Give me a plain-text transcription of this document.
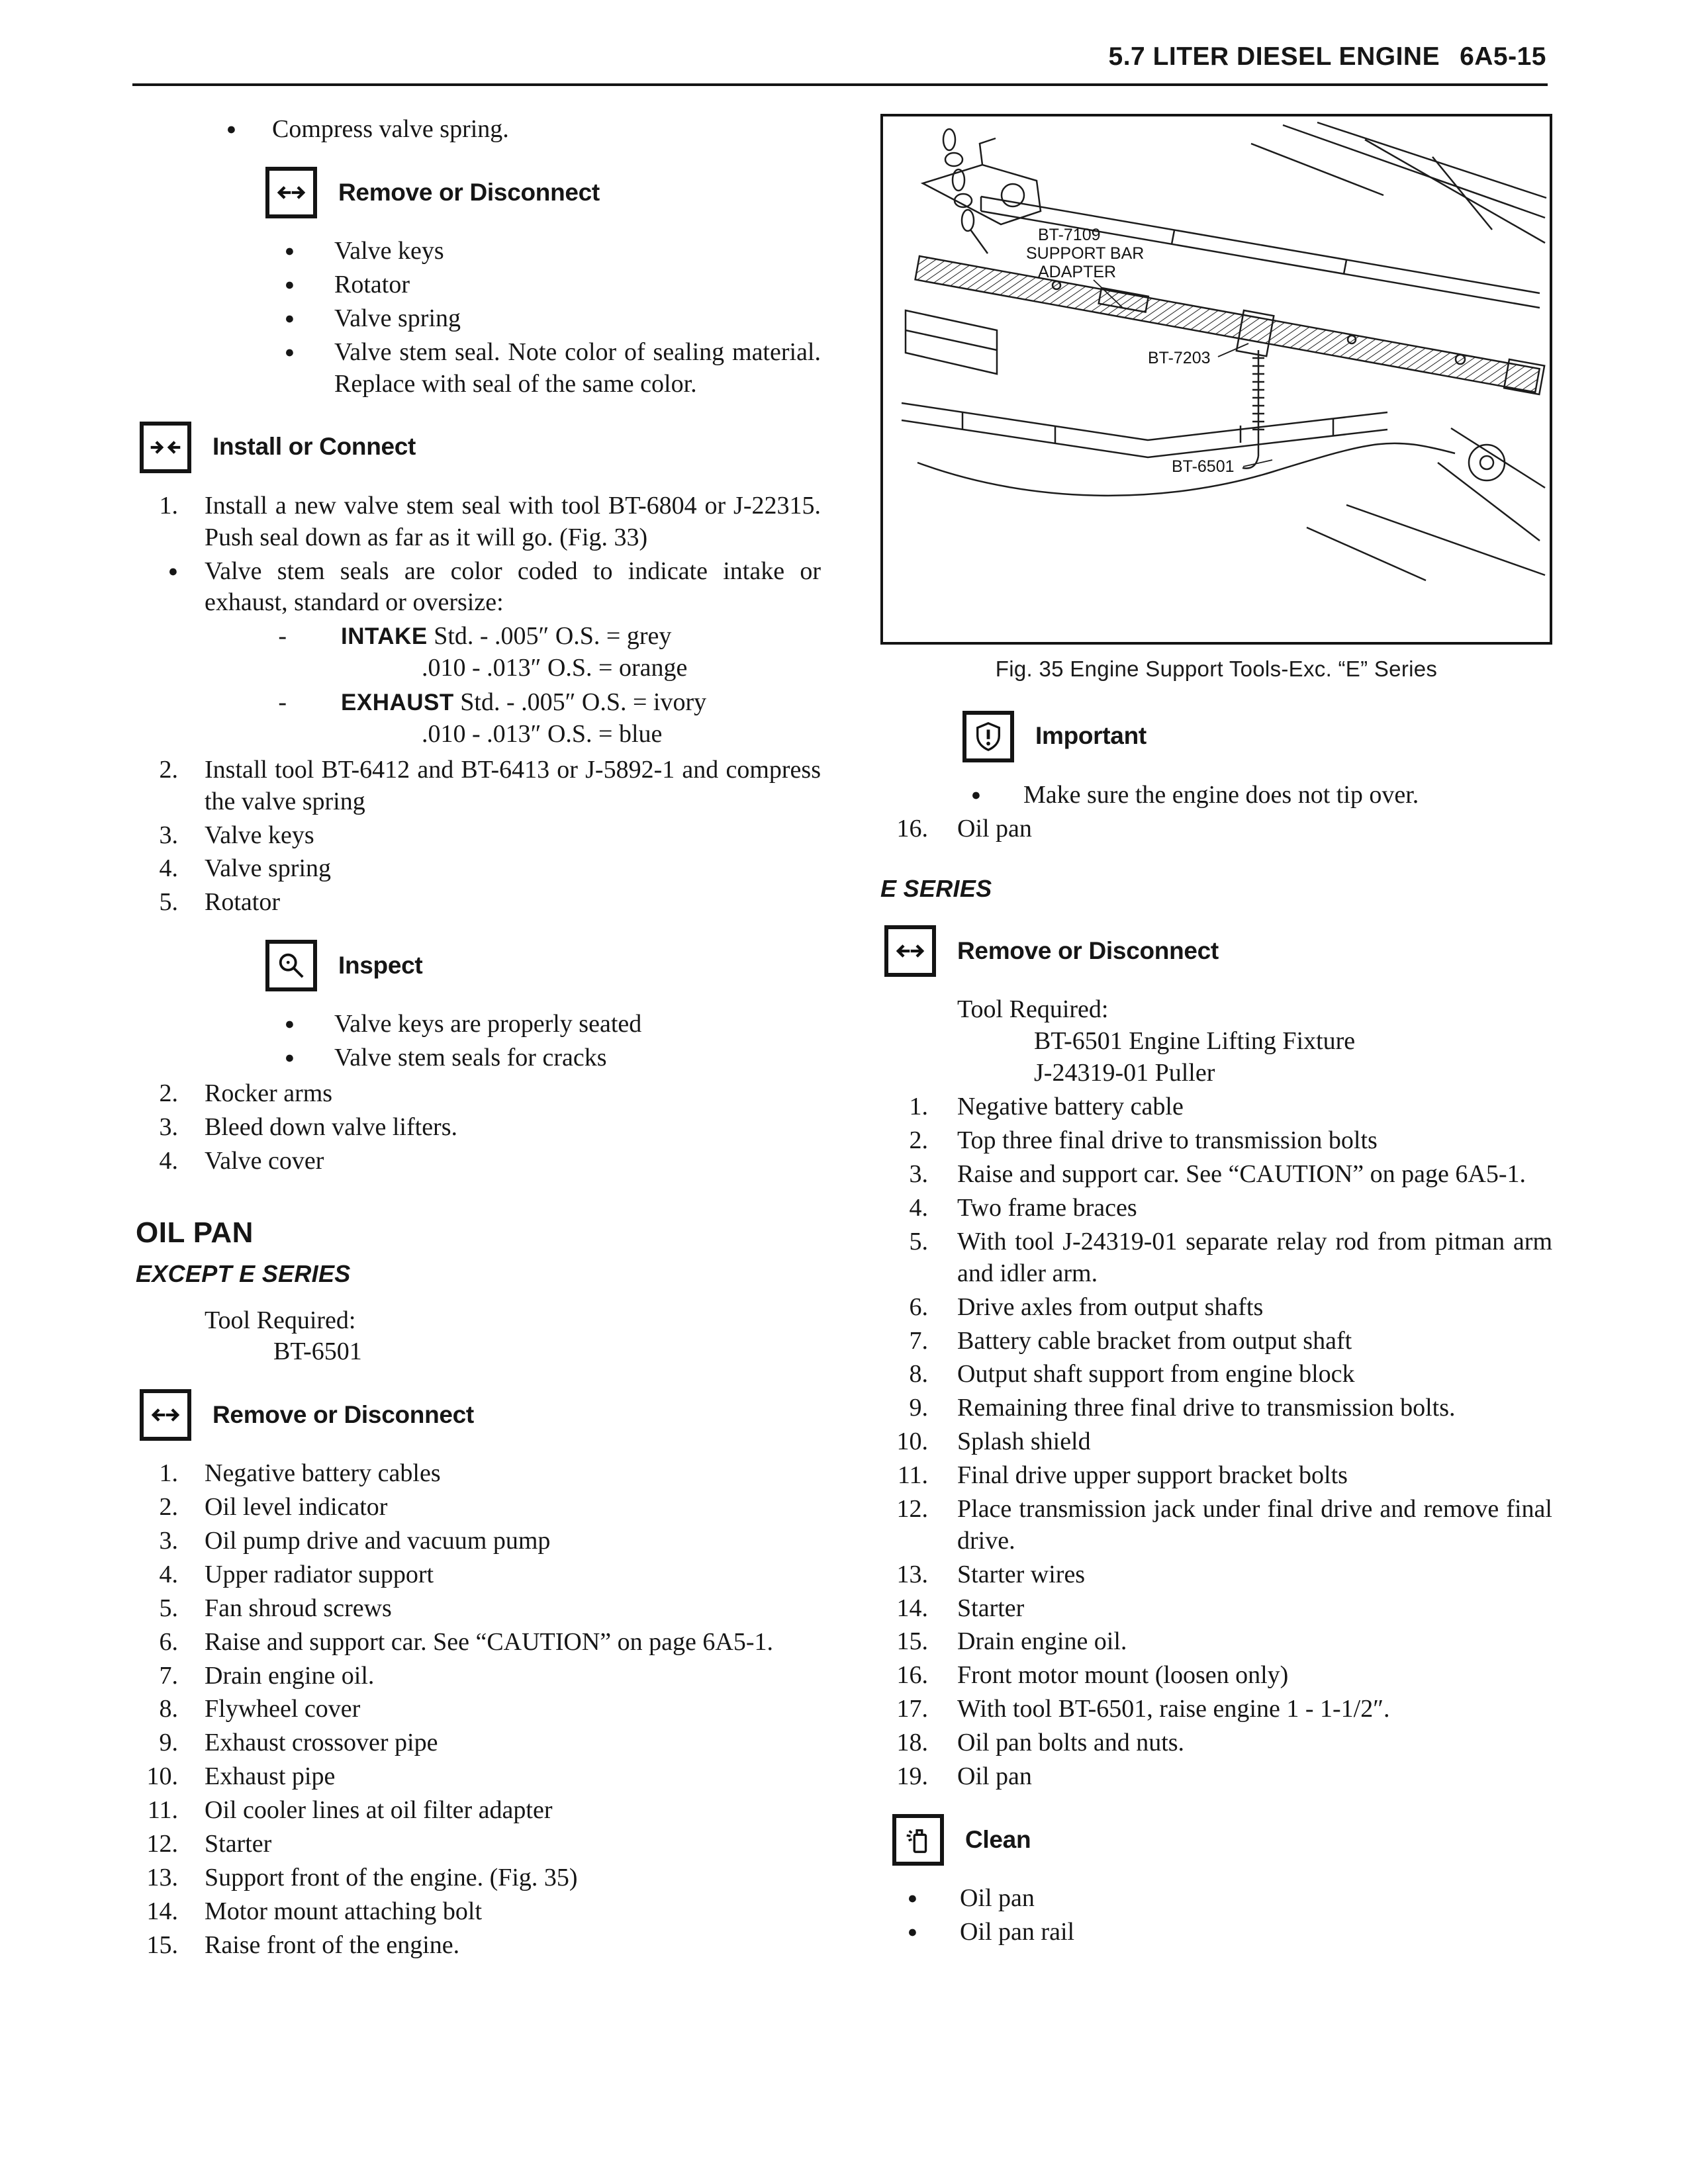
5.7 LITER DIESEL ENGINE 6A5-15
● Compress valve spring.
Remove or Disconnect
● Valve keys
● Rotator
● Valve spring
● Valve stem seal. Note color of sealing material. Replace with seal of the same color.
Install or Connect
1. Install a new valve stem seal with tool BT-6804 or J-22315. Push seal down as far as it will go. (Fig. 33)
● Valve stem seals are color coded to indicate intake or exhaust, standard or oversize:
- INTAKE Std. - .005″ O.S. = grey
.010 - .013″ O.S. = orange
- EXHAUST Std. - .005″ O.S. = ivory
.010 - .013″ O.S. = blue
2. Install tool BT-6412 and BT-6413 or J-5892-1 and compress the valve spring
3. Valve keys
4. Valve spring
5. Rotator
Inspect
● Valve keys are properly seated
● Valve stem seals for cracks
2. Rocker arms
3. Bleed down valve lifters.
4. Valve cover
OIL PAN
EXCEPT E SERIES
Tool Required:
BT-6501
Remove or Disconnect
1. Negative battery cables
2. Oil level indicator
3. Oil pump drive and vacuum pump
4. Upper radiator support
5. Fan shroud screws
6. Raise and support car. See “CAUTION” on page 6A5-1.
7. Drain engine oil.
8. Flywheel cover
9. Exhaust crossover pipe
10. Exhaust pipe
11. Oil cooler lines at oil filter adapter
12. Starter
13. Support front of the engine. (Fig. 35)
14. Motor mount attaching bolt
15. Raise front of the engine.
BT-7109
SUPPORT BAR
ADAPTER
BT-7203
BT-6501
Fig. 35 Engine Support Tools-Exc. “E” Series
Important
● Make sure the engine does not tip over.
16. Oil pan
E SERIES
Remove or Disconnect
Tool Required:
BT-6501 Engine Lifting Fixture
J-24319-01 Puller
1. Negative battery cable
2. Top three final drive to transmission bolts
3. Raise and support car. See “CAUTION” on page 6A5-1.
4. Two frame braces
5. With tool J-24319-01 separate relay rod from pitman arm and idler arm.
6. Drive axles from output shafts
7. Battery cable bracket from output shaft
8. Output shaft support from engine block
9. Remaining three final drive to transmission bolts.
10. Splash shield
11. Final drive upper support bracket bolts
12. Place transmission jack under final drive and remove final drive.
13. Starter wires
14. Starter
15. Drain engine oil.
16. Front motor mount (loosen only)
17. With tool BT-6501, raise engine 1 - 1-1/2″.
18. Oil pan bolts and nuts.
19. Oil pan
Clean
● Oil pan
● Oil pan rail
